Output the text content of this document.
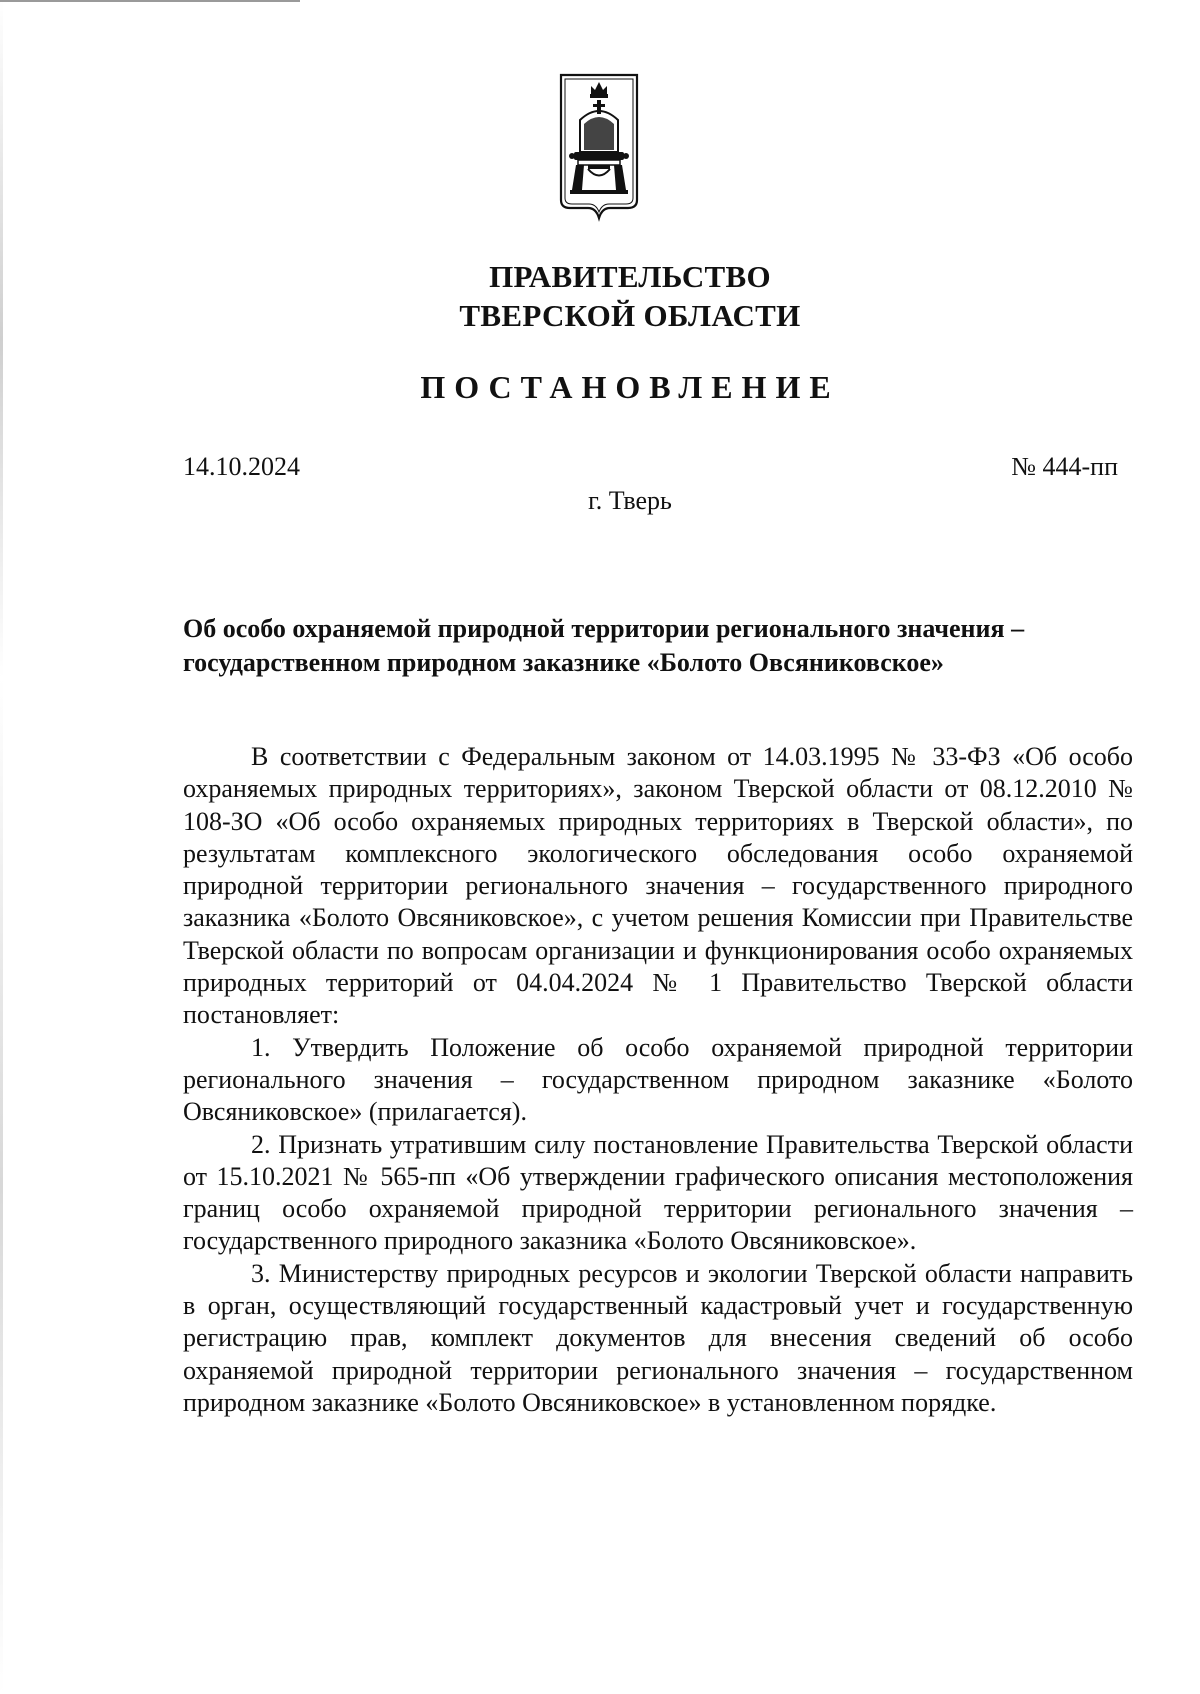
ПРАВИТЕЛЬСТВО
ТВЕРСКОЙ ОБЛАСТИ
ПОСТАНОВЛЕНИЕ
14.10.2024	№ 444-пп
г. Тверь

Об особо охраняемой природной территории регионального значения – государственном природном заказнике «Болото Овсяниковское»

В соответствии с Федеральным законом от 14.03.1995 № 33-ФЗ «Об особо охраняемых природных территориях», законом Тверской области от 08.12.2010 № 108-ЗО «Об особо охраняемых природных территориях в Тверской области», по результатам комплексного экологического обследования особо охраняемой природной территории регионального значения – государственного природного заказника «Болото Овсяниковское», с учетом решения Комиссии при Правительстве Тверской области по вопросам организации и функционирования особо охраняемых природных территорий от 04.04.2024 № 1 Правительство Тверской области постановляет:

1. Утвердить Положение об особо охраняемой природной территории регионального значения – государственном природном заказнике «Болото Овсяниковское» (прилагается).

2. Признать утратившим силу постановление Правительства Тверской области от 15.10.2021 № 565-пп «Об утверждении графического описания местоположения границ особо охраняемой природной территории регионального значения – государственного природного заказника «Болото Овсяниковское».

3. Министерству природных ресурсов и экологии Тверской области направить в орган, осуществляющий государственный кадастровый учет и государственную регистрацию прав, комплект документов для внесения сведений об особо охраняемой природной территории регионального значения – государственном природном заказнике «Болото Овсяниковское» в установленном порядке.
